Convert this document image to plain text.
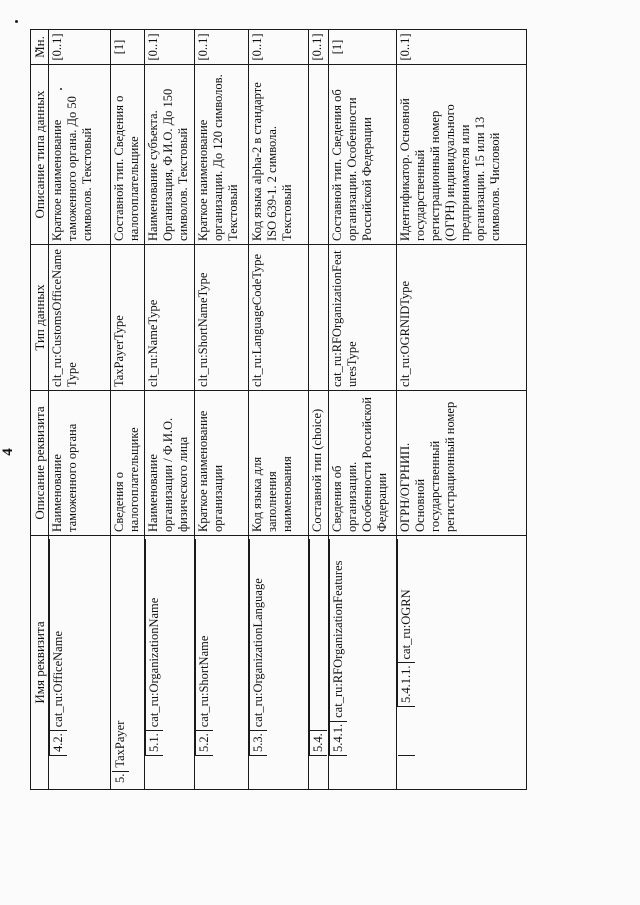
4
Имя реквизита	Описание реквизита	Тип данных	Описание типа данных	Мн.

4.2.
cat_ru:OfficeName	Наименование таможенного органа	clt_ru:CustomsOfficeNameType	Краткое наименование таможенного органа. До 50 символов. Текстовый	[0..1]

5.
TaxPayer	Сведения о налогоплательщике	TaxPayerType	Составной тип. Сведения о налогоплательщике	[1]

5.1.
cat_ru:OrganizationName	Наименование организации / Ф.И.О. физического лица	clt_ru:NameType	Наименование субъекта. Организация, Ф.И.О. До 150 символов. Текстовый	[0..1]

5.2.
cat_ru:ShortName	Краткое наименование организации	clt_ru:ShortNameType	Краткое наименование организации. До 120 символов. Текстовый	[0..1]

5.3.
cat_ru:OrganizationLanguage	Код языка для заполнения наименования	clt_ru:LanguageCodeType	Код языка alpha-2 в стандарте ISO 639-1. 2 символа. Текстовый	[0..1]

5.4.	Составной тип (choice)			[0..1]

5.4.1.
cat_ru:RFOrganizationFeatures	Сведения об организации. Особенности Российской Федерации	cat_ru:RFOrganizationFeaturesType	Составной тип. Сведения об организации. Особенности Российской Федерации	[1]

5.4.1.1.
cat_ru:OGRN	ОГРН/ОГРНИП. Основной государственный регистрационный номер	clt_ru:OGRNIDType	Идентификатор. Основной государственный регистрационный номер (ОГРН) индивидуального предпринимателя или организации. 15 или 13 символов. Числовой	[0..1]
